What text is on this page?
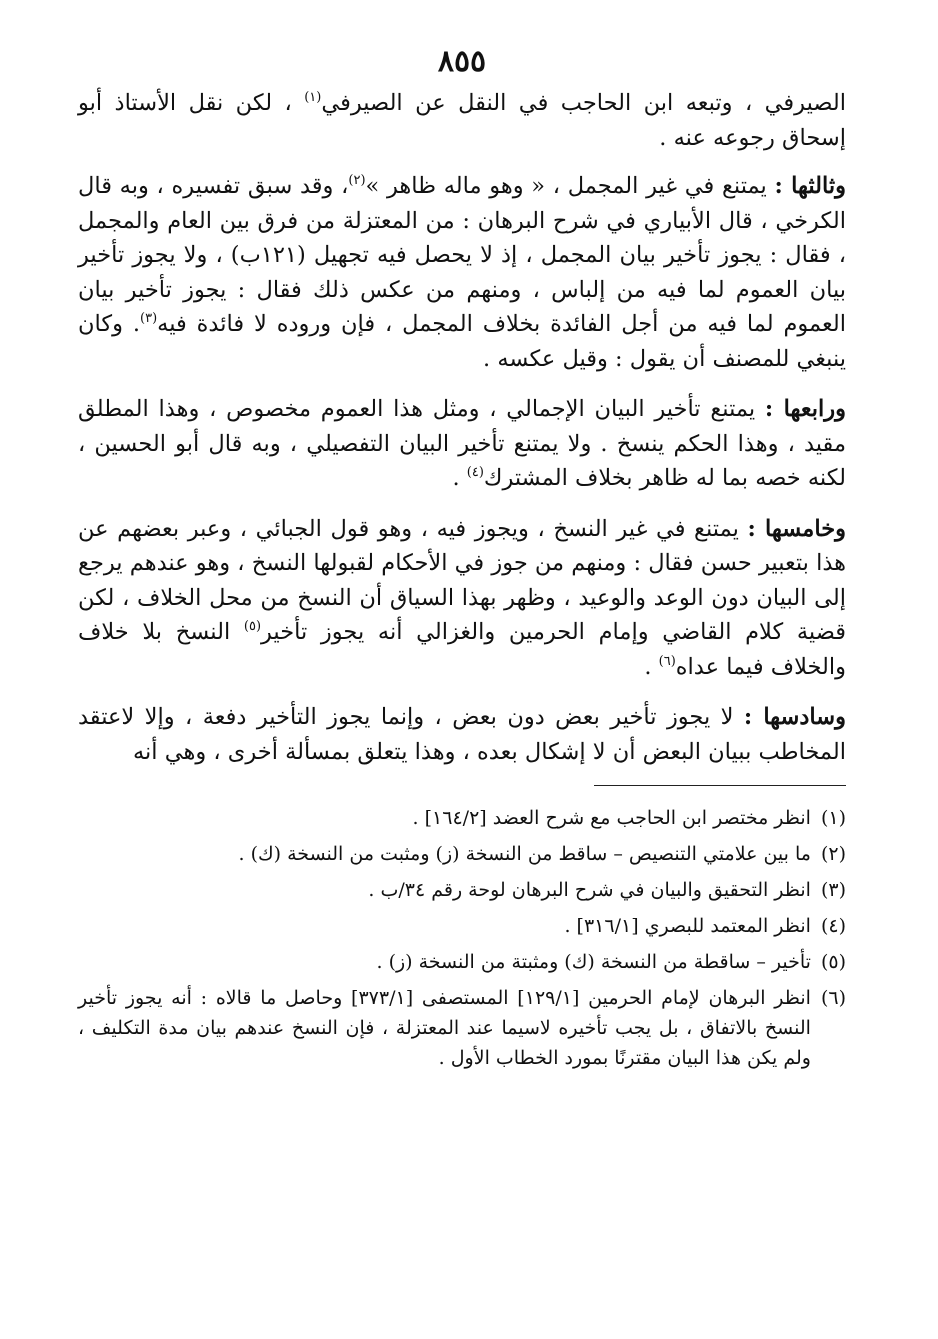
٨٥٥

الصيرفي ، وتبعه ابن الحاجب في النقل عن الصيرفي$^{(١)}$ ، لكن نقل الأستاذ أبو إسحاق رجوعه عنه .

وثالثها : يمتنع في غير المجمل ، « وهو ماله ظاهر »$^{(٢)}$، وقد سبق تفسيره ، وبه قال الكرخي ، قال الأبياري في شرح البرهان : من المعتزلة من فرق بين العام والمجمل ، فقال : يجوز تأخير بيان المجمل ، إذ لا يحصل فيه تجهيل (١٢١ب) ، ولا يجوز تأخير بيان العموم لما فيه من إلباس ، ومنهم من عكس ذلك فقال : يجوز تأخير بيان العموم لما فيه من أجل الفائدة بخلاف المجمل ، فإن وروده لا فائدة فيه$^{(٣)}$. وكان ينبغي للمصنف أن يقول : وقيل عكسه .

ورابعها : يمتنع تأخير البيان الإجمالي ، ومثل هذا العموم مخصوص ، وهذا المطلق مقيد ، وهذا الحكم ينسخ . ولا يمتنع تأخير البيان التفصيلي ، وبه قال أبو الحسين ، لكنه خصه بما له ظاهر بخلاف المشترك$^{(٤)}$ .

وخامسها : يمتنع في غير النسخ ، ويجوز فيه ، وهو قول الجبائي ، وعبر بعضهم عن هذا بتعبير حسن فقال : ومنهم من جوز في الأحكام لقبولها النسخ ، وهو عندهم يرجع إلى البيان دون الوعد والوعيد ، وظهر بهذا السياق أن النسخ من محل الخلاف ، لكن قضية كلام القاضي وإمام الحرمين والغزالي أنه يجوز تأخير$^{(٥)}$ النسخ بلا خلاف والخلاف فيما عداه$^{(٦)}$ .

وسادسها : لا يجوز تأخير بعض دون بعض ، وإنما يجوز التأخير دفعة ، وإلا لاعتقد المخاطب ببيان البعض أن لا إشكال بعده ، وهذا يتعلق بمسألة أخرى ، وهي أنه

(١)
انظر مختصر ابن الحاجب مع شرح العضد [١٦٤/٢] .
(٢)
ما بين علامتي التنصيص – ساقط من النسخة (ز) ومثبت من النسخة (ك) .
(٣)
انظر التحقيق والبيان في شرح البرهان لوحة رقم ٣٤/ب .
(٤)
انظر المعتمد للبصري [٣١٦/١] .
(٥)
تأخير – ساقطة من النسخة (ك) ومثبتة من النسخة (ز) .
(٦)
انظر البرهان لإمام الحرمين [١٢٩/١] المستصفى [٣٧٣/١] وحاصل ما قالاه : أنه يجوز تأخير النسخ بالاتفاق ، بل يجب تأخيره لاسيما عند المعتزلة ، فإن النسخ عندهم بيان مدة التكليف ، ولم يكن هذا البيان مقترنًا بمورد الخطاب الأول .
